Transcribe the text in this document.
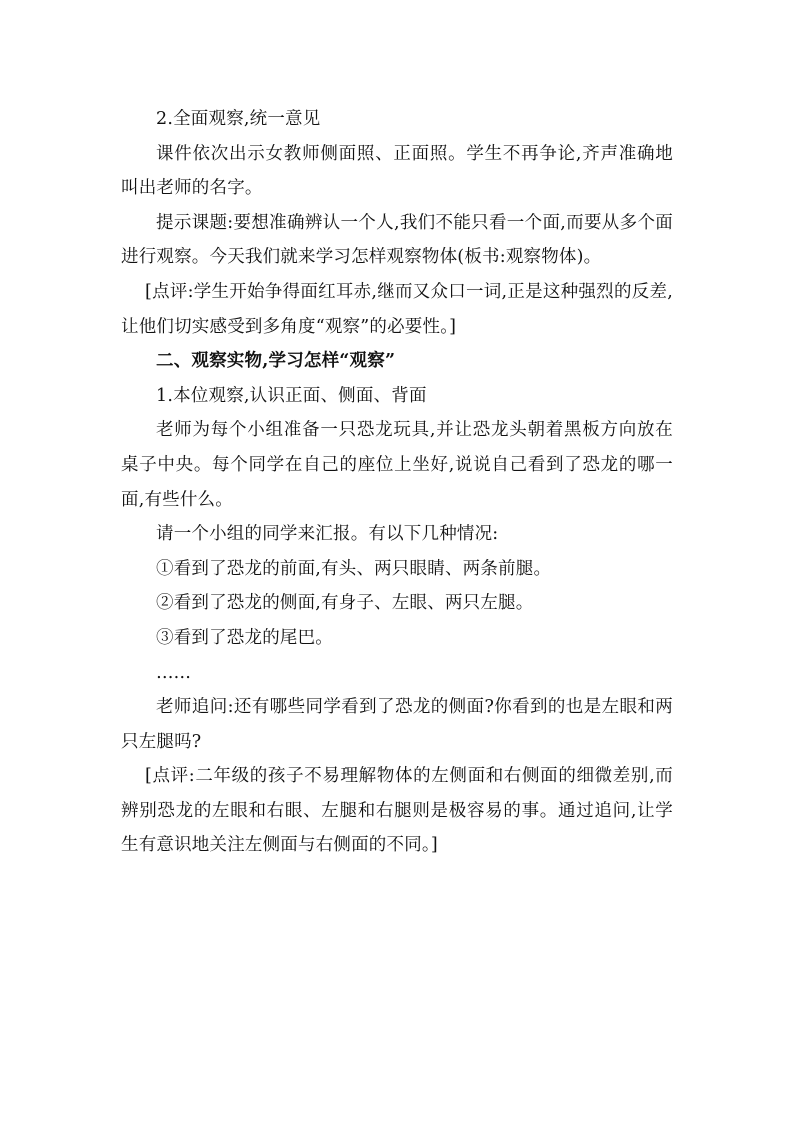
2.全面观察,统一意见

课件依次出示女教师侧面照、正面照。学生不再争论,齐声准确地叫出老师的名字。

提示课题:要想准确辨认一个人,我们不能只看一个面,而要从多个面进行观察。今天我们就来学习怎样观察物体(板书:观察物体)。

[点评:学生开始争得面红耳赤,继而又众口一词,正是这种强烈的反差,让他们切实感受到多角度“观察”的必要性。]

二、观察实物,学习怎样“观察”

1.本位观察,认识正面、侧面、背面

老师为每个小组准备一只恐龙玩具,并让恐龙头朝着黑板方向放在桌子中央。每个同学在自己的座位上坐好,说说自己看到了恐龙的哪一面,有些什么。

请一个小组的同学来汇报。有以下几种情况:

①看到了恐龙的前面,有头、两只眼睛、两条前腿。

②看到了恐龙的侧面,有身子、左眼、两只左腿。

③看到了恐龙的尾巴。

……

老师追问:还有哪些同学看到了恐龙的侧面?你看到的也是左眼和两只左腿吗?

[点评:二年级的孩子不易理解物体的左侧面和右侧面的细微差别,而辨别恐龙的左眼和右眼、左腿和右腿则是极容易的事。通过追问,让学生有意识地关注左侧面与右侧面的不同。]
